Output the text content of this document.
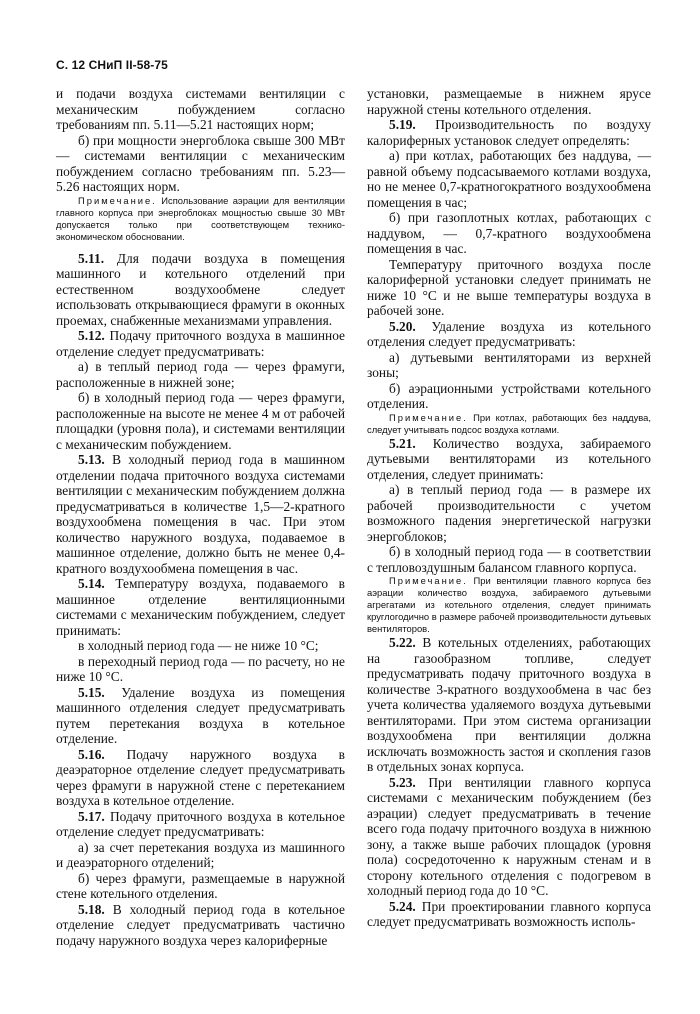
С. 12 СНиП II-58-75

и подачи воздуха системами вентиляции с механическим побуждением согласно требованиям пп. 5.11—5.21 настоящих норм;

б) при мощности энергоблока свыше 300 МВт — системами вентиляции с механическим побуждением согласно требованиям пп. 5.23—5.26 настоящих норм.

Примечание. Использование аэрации для вентиляции главного корпуса при энергоблоках мощностью свыше 30 МВт допускается только при соответствующем технико-экономическом обосновании.

5.11. Для подачи воздуха в помещения машинного и котельного отделений при естественном воздухообмене следует использовать открывающиеся фрамуги в оконных проемах, снабженные механизмами управления.

5.12. Подачу приточного воздуха в машинное отделение следует предусматривать:

а) в теплый период года — через фрамуги, расположенные в нижней зоне;

б) в холодный период года — через фрамуги, расположенные на высоте не менее 4 м от рабочей площадки (уровня пола), и системами вентиляции с механическим побуждением.

5.13. В холодный период года в машинном отделении подача приточного воздуха системами вентиляции с механическим побуждением должна предусматриваться в количестве 1,5—2-кратного воздухообмена помещения в час. При этом количество наружного воздуха, подаваемое в машинное отделение, должно быть не менее 0,4-кратного воздухообмена помещения в час.

5.14. Температуру воздуха, подаваемого в машинное отделение вентиляционными системами с механическим побуждением, следует принимать:

в холодный период года — не ниже 10 °С;

в переходный период года — по расчету, но не ниже 10 °С.

5.15. Удаление воздуха из помещения машинного отделения следует предусматривать путем перетекания воздуха в котельное отделение.

5.16. Подачу наружного воздуха в деаэраторное отделение следует предусматривать через фрамуги в наружной стене с перетеканием воздуха в котельное отделение.

5.17. Подачу приточного воздуха в котельное отделение следует предусматривать:

а) за счет перетекания воздуха из машинного и деаэраторного отделений;

б) через фрамуги, размещаемые в наружной стене котельного отделения.

5.18. В холодный период года в котельное отделение следует предусматривать частично подачу наружного воздуха через калориферные

установки, размещаемые в нижнем ярусе наружной стены котельного отделения.

5.19. Производительность по воздуху калориферных установок следует определять:

а) при котлах, работающих без наддува, — равной объему подсасываемого котлами воздуха, но не менее 0,7-кратногократного воздухообмена помещения в час;

б) при газоплотных котлах, работающих с наддувом, — 0,7-кратного воздухообмена помещения в час.

Температуру приточного воздуха после калориферной установки следует принимать не ниже 10 °С и не выше температуры воздуха в рабочей зоне.

5.20. Удаление воздуха из котельного отделения следует предусматривать:

а) дутьевыми вентиляторами из верхней зоны;

б) аэрационными устройствами котельного отделения.

Примечание. При котлах, работающих без наддува, следует учитывать подсос воздуха котлами.

5.21. Количество воздуха, забираемого дутьевыми вентиляторами из котельного отделения, следует принимать:

а) в теплый период года — в размере их рабочей производительности с учетом возможного падения энергетической нагрузки энергоблоков;

б) в холодный период года — в соответствии с тепловоздушным балансом главного корпуса.

Примечание. При вентиляции главного корпуса без аэрации количество воздуха, забираемого дутьевыми агрегатами из котельного отделения, следует принимать круглогодично в размере рабочей производительности дутьевых вентиляторов.

5.22. В котельных отделениях, работающих на газообразном топливе, следует предусматривать подачу приточного воздуха в количестве 3-кратного воздухообмена в час без учета количества удаляемого воздуха дутьевыми вентиляторами. При этом система организации воздухообмена при вентиляции должна исключать возможность застоя и скопления газов в отдельных зонах корпуса.

5.23. При вентиляции главного корпуса системами с механическим побуждением (без аэрации) следует предусматривать в течение всего года подачу приточного воздуха в нижнюю зону, а также выше рабочих площадок (уровня пола) сосредоточенно к наружным стенам и в сторону котельного отделения с подогревом в холодный период года до 10 °С.

5.24. При проектировании главного корпуса следует предусматривать возможность исполь-
